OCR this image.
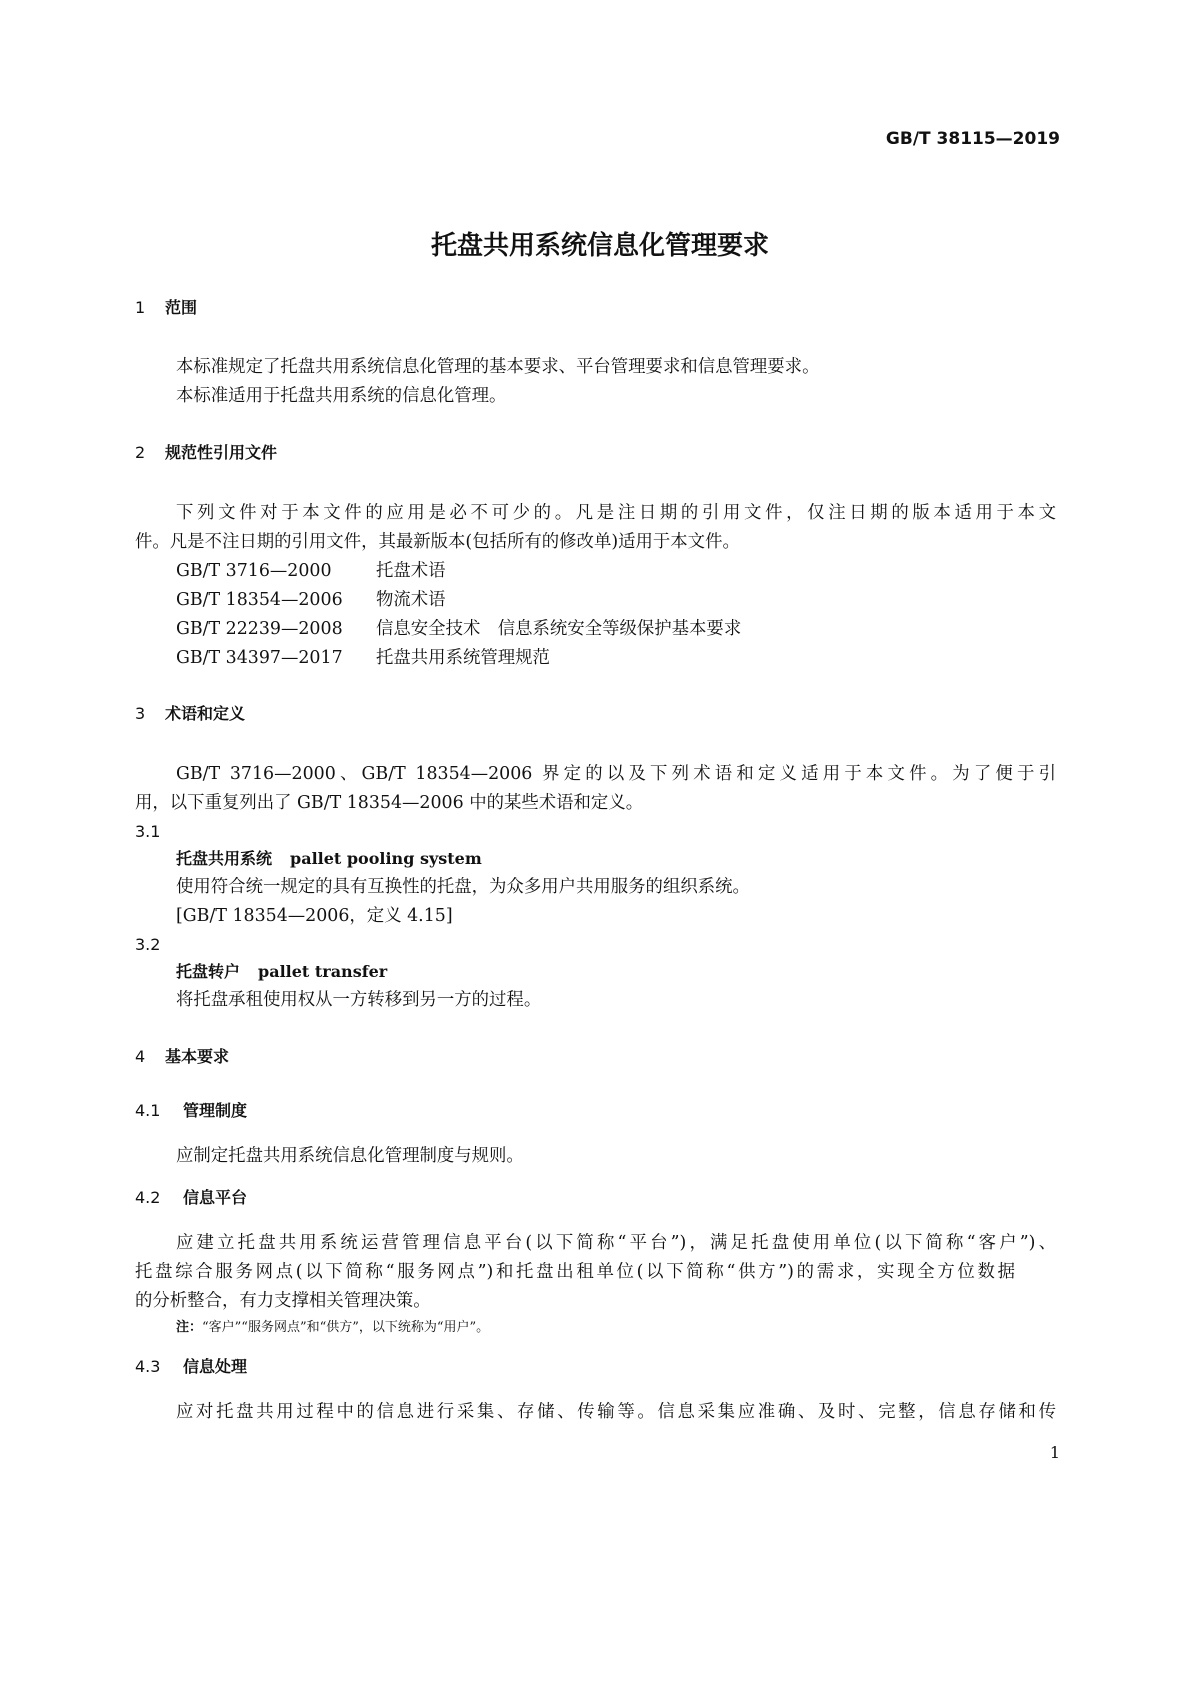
GB/T 38115—2019
托盘共用系统信息化管理要求
1 范围
本标准规定了托盘共用系统信息化管理的基本要求、平台管理要求和信息管理要求。
本标准适用于托盘共用系统的信息化管理。
2 规范性引用文件
下列文件对于本文件的应用是必不可少的。凡是注日期的引用文件，仅注日期的版本适用于本文
件。凡是不注日期的引用文件，其最新版本(包括所有的修改单)适用于本文件。
GB/T 3716—2000	托盘术语
GB/T 18354—2006 物流术语
GB/T 22239—2008 信息安全技术　信息系统安全等级保护基本要求
GB/T 34397—2017 托盘共用系统管理规范
3 术语和定义
GB/T 3716—2000、GB/T 18354—2006 界定的以及下列术语和定义适用于本文件。为了便于引
用，以下重复列出了 GB/T 18354—2006 中的某些术语和定义。
3.1
托盘共用系统 pallet pooling system
使用符合统一规定的具有互换性的托盘，为众多用户共用服务的组织系统。
[GB/T 18354—2006，定义 4.15]
3.2
托盘转户 pallet transfer
将托盘承租使用权从一方转移到另一方的过程。
4 基本要求
4.1 管理制度
应制定托盘共用系统信息化管理制度与规则。
4.2 信息平台
应建立托盘共用系统运营管理信息平台(以下简称“平台”)，满足托盘使用单位(以下简称“客户”)、
托盘综合服务网点(以下简称“服务网点”)和托盘出租单位(以下简称“供方”)的需求，实现全方位数据
的分析整合，有力支撑相关管理决策。
注：“客户”“服务网点”和“供方”，以下统称为“用户”。
4.3 信息处理
应对托盘共用过程中的信息进行采集、存储、传输等。信息采集应准确、及时、完整，信息存储和传
1
